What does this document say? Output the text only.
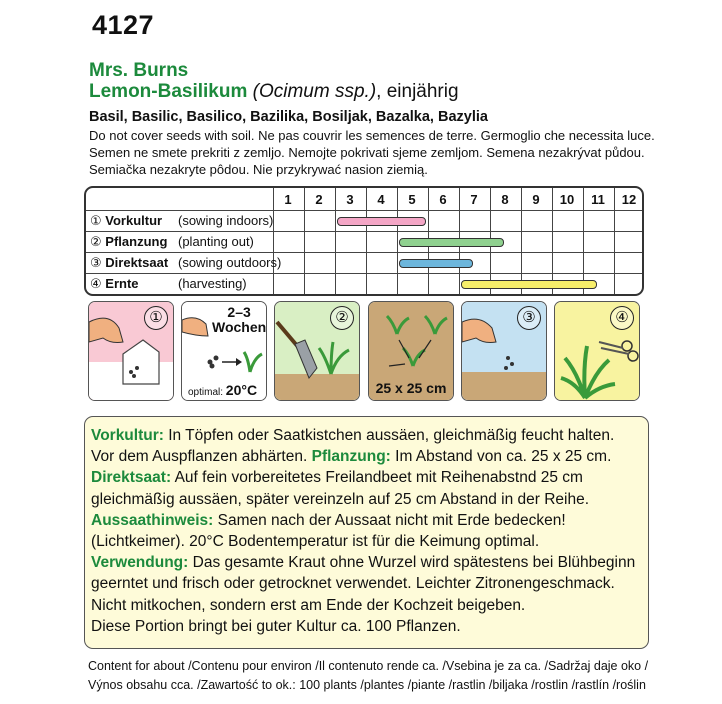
4127
Mrs. Burns
Lemon-Basilikum (Ocimum ssp.), einjährig
Basil, Basilic, Basilico, Bazilika, Bosiljak, Bazalka, Bazylia
Do not cover seeds with soil. Ne pas couvrir les semences de terre. Germoglio che necessita luce.
Semen ne smete prekriti z zemljo. Nemojte pokrivati sjeme zemljom. Semena nezakrývat půdou.
Semiačka nezakryte pôdou. Nie przykrywać nasion ziemią.
1	2	3	4	5	6	7	8	9	10	11	12
① Vorkultur (sowing indoors)
② Pflanzung (planting out)
③ Direktsaat (sowing outdoors)
④ Ernte	(harvesting)
①	2–3
Wochen
optimal: 20°C
②
25 x 25 cm
③	④

Vorkultur: In Töpfen oder Saatkistchen aussäen, gleichmäßig feucht halten.

Vor dem Auspflanzen abhärten. Pflanzung: Im Abstand von ca. 25 x 25 cm.

Direktsaat: Auf fein vorbereitetes Freilandbeet mit Reihenabstnd 25 cm

gleichmäßig aussäen, später vereinzeln auf 25 cm Abstand in der Reihe.

Aussaathinweis: Samen nach der Aussaat nicht mit Erde bedecken!

(Lichtkeimer). 20°C Bodentemperatur ist für die Keimung optimal.

Verwendung: Das gesamte Kraut ohne Wurzel wird spätestens bei Blühbeginn

geerntet und frisch oder getrocknet verwendet. Leichter Zitronengeschmack.

Nicht mitkochen, sondern erst am Ende der Kochzeit beigeben.

Diese Portion bringt bei guter Kultur ca. 100 Pflanzen.

Content for about /Contenu pour environ /Il contenuto rende ca. /Vsebina je za ca. /Sadržaj daje oko /
Výnos obsahu cca. /Zawartość to ok.: 100 plants /plantes /piante /rastlin /biljaka /rostlin /rastlín /roślin
